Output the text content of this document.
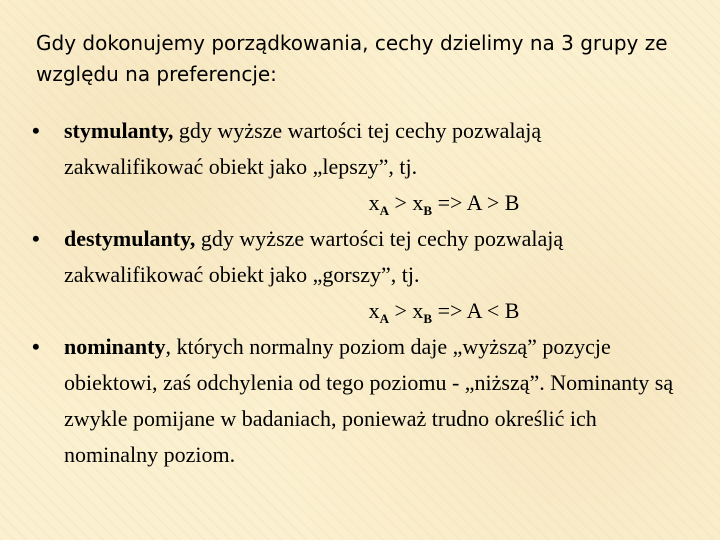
Gdy dokonujemy porządkowania, cechy dzielimy na 3 grupy ze względu na preferencje:

• stymulanty, gdy wyższe wartości tej cechy pozwalają zakwalifikować obiekt jako „lepszy”, tj.
$x_A > x_B => A > B$
• destymulanty, gdy wyższe wartości tej cechy pozwalają zakwalifikować obiekt jako „gorszy”, tj.
$x_A > x_B => A < B$
• nominanty, których normalny poziom daje „wyższą” pozycje obiektowi, zaś odchylenia od tego poziomu - „niższą”. Nominanty są zwykle pomijane w badaniach, ponieważ trudno określić ich nominalny poziom.
